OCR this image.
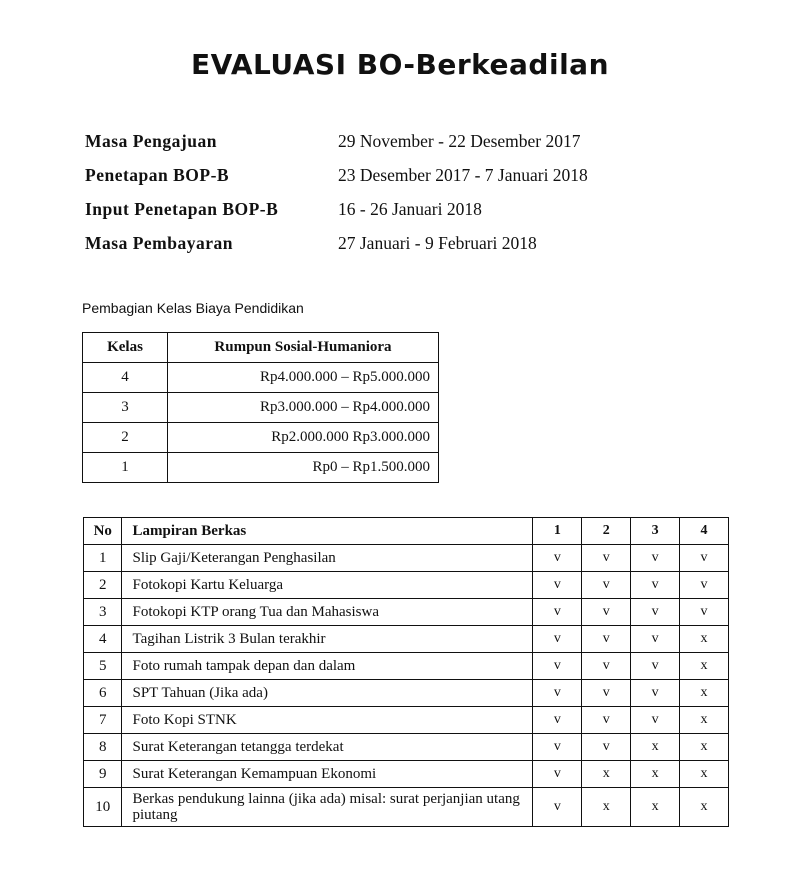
EVALUASI BO-Berkeadilan
Masa Pengajuan	29 November - 22 Desember 2017
Penetapan BOP-B	23 Desember 2017 - 7 Januari 2018
Input Penetapan BOP-B	16 - 26 Januari 2018
Masa Pembayaran	27 Januari - 9 Februari 2018
Pembagian Kelas Biaya Pendidikan
Kelas	Rumpun Sosial-Humaniora
4	Rp4.000.000 – Rp5.000.000
3	Rp3.000.000 – Rp4.000.000
2	Rp2.000.000 Rp3.000.000
1	Rp0 – Rp1.500.000
No	Lampiran Berkas	1	2	3	4
1	Slip Gaji/Keterangan Penghasilan	v	v	v	v
2	Fotokopi Kartu Keluarga	v	v	v	v
3	Fotokopi KTP orang Tua dan Mahasiswa	v	v	v	v
4	Tagihan Listrik 3 Bulan terakhir	v	v	v	x
5	Foto rumah tampak depan dan dalam	v	v	v	x
6	SPT Tahuan (Jika ada)	v	v	v	x
7	Foto Kopi STNK	v	v	v	x
8	Surat Keterangan tetangga terdekat	v	v	x	x
9	Surat Keterangan Kemampuan Ekonomi	v	x	x	x
10	Berkas pendukung lainna (jika ada) misal: surat perjanjian utang piutang	v	x	x	x
